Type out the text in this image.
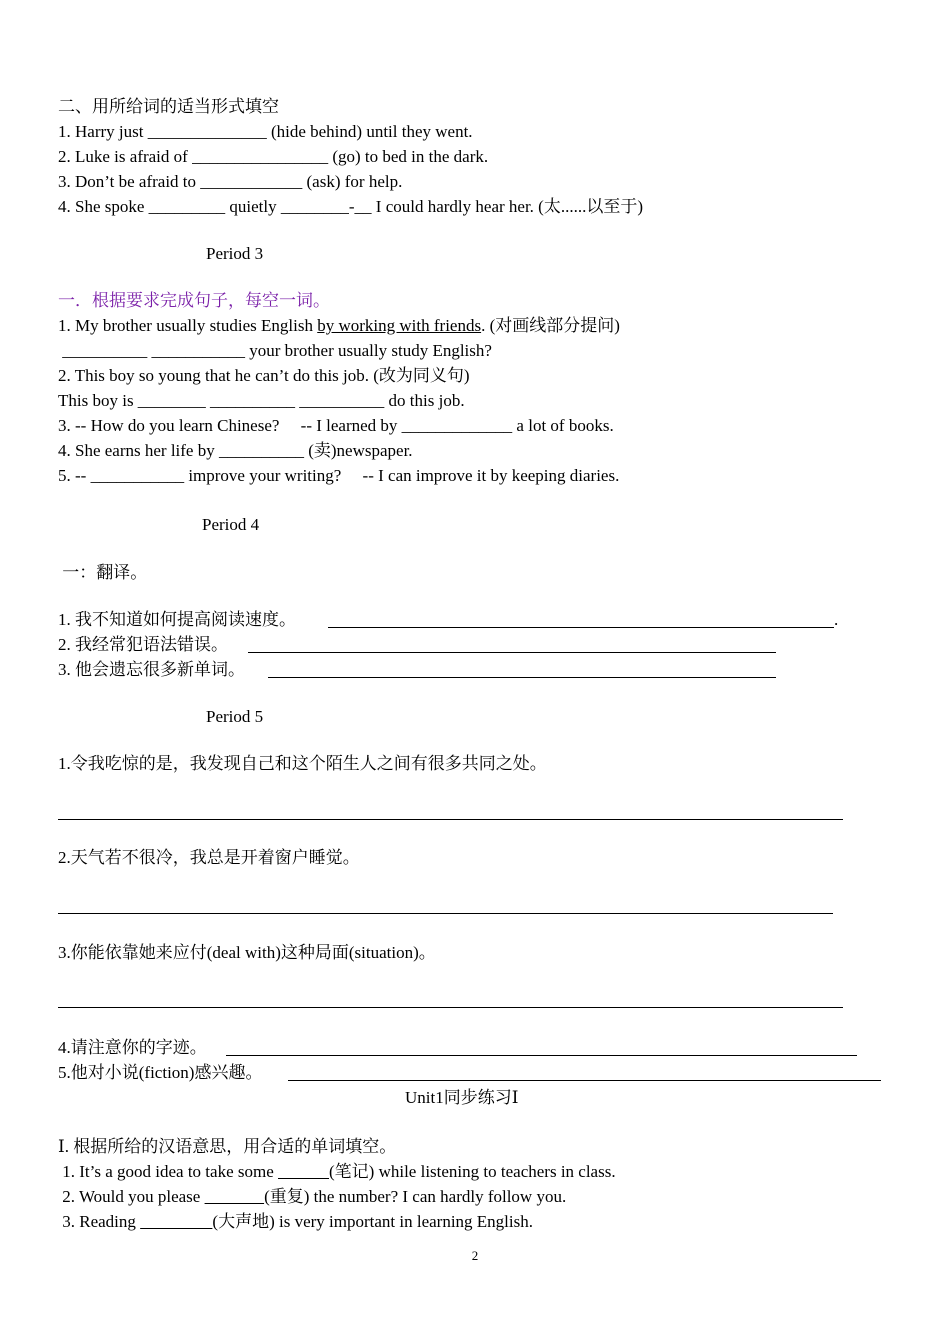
二、用所给词的适当形式填空
1. Harry just ______________ (hide behind) until they went.
2. Luke is afraid of ________________ (go) to bed in the dark.
3. Don’t be afraid to ____________ (ask) for help.
4. She spoke _________ quietly ________-__ I could hardly hear her. (太......以至于)
Period 3
一．根据要求完成句子，每空一词。
1. My brother usually studies English by working with friends. (对画线部分提问)
__________ ___________ your brother usually study English?
2. This boy so young that he can’t do this job. (改为同义句)
This boy is ________ __________ __________ do this job.
3. -- How do you learn Chinese?     -- I learned by _____________ a lot of books.
4. She earns her life by __________ (卖)newspaper.
5. -- ___________ improve your writing?     -- I can improve it by keeping diaries.
Period 4
一：翻译。
1. 我不知道如何提高阅读速度。	.
2. 我经常犯语法错误。
3. 他会遗忘很多新单词。
Period 5
1.令我吃惊的是，我发现自己和这个陌生人之间有很多共同之处。
2.天气若不很冷，我总是开着窗户睡觉。
3.你能依靠她来应付(deal with)这种局面(situation)。
4.请注意你的字迹。
5.他对小说(fiction)感兴趣。
Unit1同步练习Ⅰ
Ⅰ. 根据所给的汉语意思，用合适的单词填空。
1. It’s a good idea to take some	(笔记) while listening to teachers in class.
2. Would you please	(重复) the number? I can hardly follow you.
3. Reading	(大声地) is very important in learning English.
2
